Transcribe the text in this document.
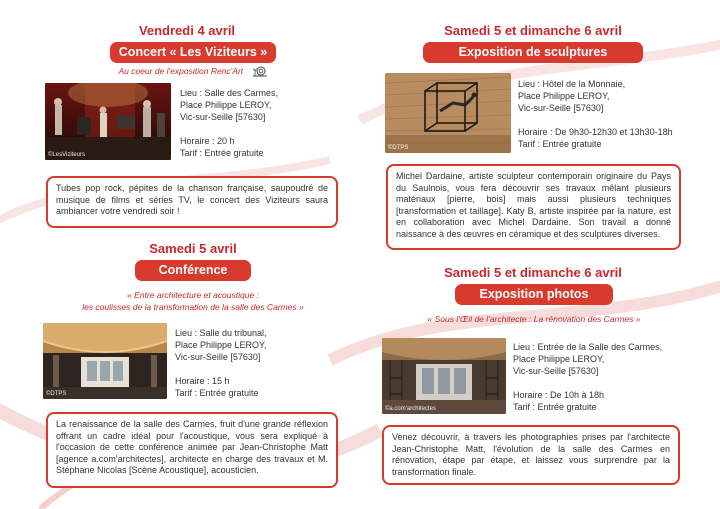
Vendredi 4 avril
Concert « Les Viziteurs »
Au coeur de l'exposition Renc'Art
©LesViziteurs
Lieu : Salle des Carmes,
Place Philippe LEROY,
Vic-sur-Seille [57630]
Horaire : 20 h
Tarif : Entrée gratuite
Tubes pop rock, pépites de la chanson française, saupoudré de musique de films et séries TV, le concert des Viziteurs saura ambiancer votre vendredi soir !
Samedi 5 avril
Conférence
« Entre architecture et acoustique :
les coulisses de la transformation de la salle des Carmes »
©DTPS
Lieu : Salle du tribunal,
Place Philippe LEROY,
Vic-sur-Seille [57630]
Horaire : 15 h
Tarif : Entrée gratuite
La renaissance de la salle des Carmes, fruit d'une grande réflexion offrant un cadre idéal pour l'acoustique, vous sera expliqué à l'occasion de cette conférence animée par Jean-Christophe Matt [agence a.com'architectes], architecte en charge des travaux et M. Stéphane Nicolas [Scène Acoustique], acousticien.
Samedi 5 et dimanche 6 avril
Exposition de sculptures
©DTPS
Lieu : Hôtel de la Monnaie,
Place Philippe LEROY,
Vic-sur-Seille [57630]
Horaire : De 9h30-12h30 et 13h30-18h
Tarif : Entrée gratuite
Michel Dardaine, artiste sculpteur contemporain originaire du Pays du Saulnois, vous fera découvrir ses travaux mêlant plusieurs matériaux [pierre, bois] mais aussi plusieurs techniques [transformation et taillage]. Katy B, artiste inspirée par la nature, est en collaboration avec Michel Dardaine. Son travail a donné naissance à des œuvres en céramique et des sculptures diverses.
Samedi 5 et dimanche 6 avril
Exposition photos
« Sous l'Œil de l'architecte : La rénovation des Carmes »
©a.com'architectes
Lieu : Entrée de la Salle des Carmes,
Place Philippe LEROY,
Vic-sur-Seille [57630]
Horaire : De 10h à 18h
Tarif : Entrée gratuite
Venez découvrir, à travers les photographies prises par l'architecte Jean-Christophe Matt, l'évolution de la salle des Carmes en rénovation, étape par étape, et laissez vous surprendre par la transformation finale.
